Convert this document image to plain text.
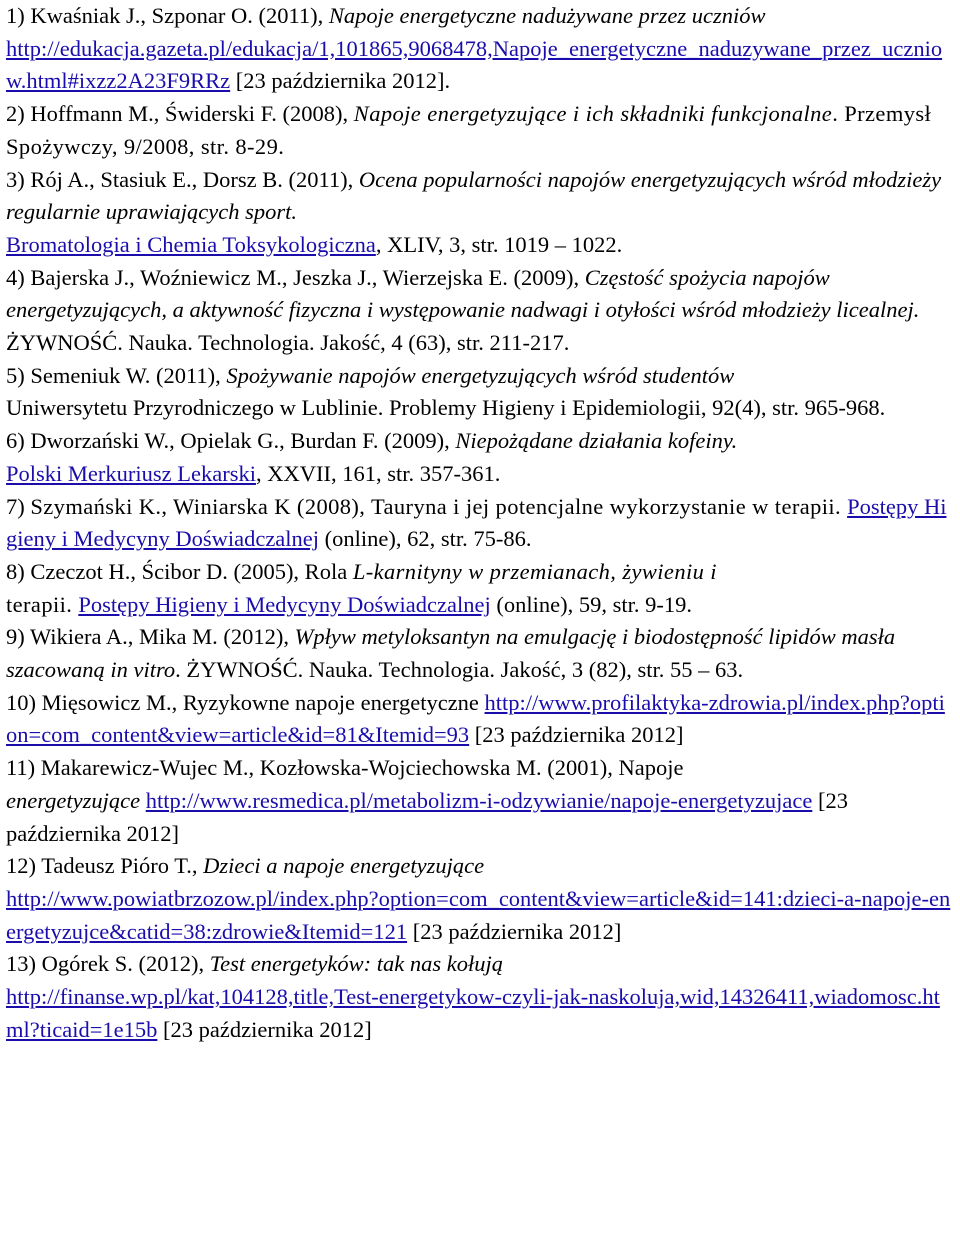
1) Kwaśniak J., Szponar O. (2011), Napoje energetyczne nadużywane przez uczniów
http://edukacja.gazeta.pl/edukacja/1,101865,9068478,Napoje_energetyczne_naduzywane_przez_uczniow.html#ixzz2A23F9RRz [23 października 2012].

2) Hoffmann M., Świderski F. (2008), Napoje energetyzujące i ich składniki funkcjonalne. Przemysł Spożywczy, 9/2008, str. 8-29.

3) Rój A., Stasiuk E., Dorsz B. (2011), Ocena popularności napojów energetyzujących wśród młodzieży regularnie uprawiających sport.
Bromatologia i Chemia Toksykologiczna, XLIV, 3, str. 1019 – 1022.

4) Bajerska J., Woźniewicz M., Jeszka J., Wierzejska E. (2009), Częstość spożycia napojów energetyzujących, a aktywność fizyczna i występowanie nadwagi i otyłości wśród młodzieży licealnej.
ŻYWNOŚĆ. Nauka. Technologia. Jakość, 4 (63), str. 211-217.

5) Semeniuk W. (2011), Spożywanie napojów energetyzujących wśród studentów
Uniwersytetu Przyrodniczego w Lublinie. Problemy Higieny i Epidemiologii, 92(4), str. 965-968.

6) Dworzański W., Opielak G., Burdan F. (2009), Niepożądane działania kofeiny.
Polski Merkuriusz Lekarski, XXVII, 161, str. 357-361.

7) Szymański K., Winiarska K (2008), Tauryna i jej potencjalne wykorzystanie w terapii. Postępy Higieny i Medycyny Doświadczalnej (online), 62, str. 75-86.

8) Czeczot H., Ścibor D. (2005), Rola L-karnityny w przemianach, żywieniu i
terapii. Postępy Higieny i Medycyny Doświadczalnej (online), 59, str. 9-19.

9) Wikiera A., Mika M. (2012), Wpływ metyloksantyn na emulgację i biodostępność lipidów masła szacowaną in vitro. ŻYWNOŚĆ. Nauka. Technologia. Jakość, 3 (82), str. 55 – 63.

10) Mięsowicz M., Ryzykowne napoje energetyczne http://www.profilaktyka-zdrowia.pl/index.php?option=com_content&view=article&id=81&Itemid=93 [23 października 2012]

11) Makarewicz-Wujec M., Kozłowska-Wojciechowska M. (2001), Napoje
energetyzujące http://www.resmedica.pl/metabolizm-i-odzywianie/napoje-energetyzujace [23 października 2012]

12) Tadeusz Pióro T., Dzieci a napoje energetyzujące
http://www.powiatbrzozow.pl/index.php?option=com_content&view=article&id=141:dzieci-a-napoje-energetyzujce&catid=38:zdrowie&Itemid=121 [23 października 2012]

13) Ogórek S. (2012), Test energetyków: tak nas kołują
http://finanse.wp.pl/kat,104128,title,Test-energetykow-czyli-jak-naskoluja,wid,14326411,wiadomosc.html?ticaid=1e15b [23 października 2012]
